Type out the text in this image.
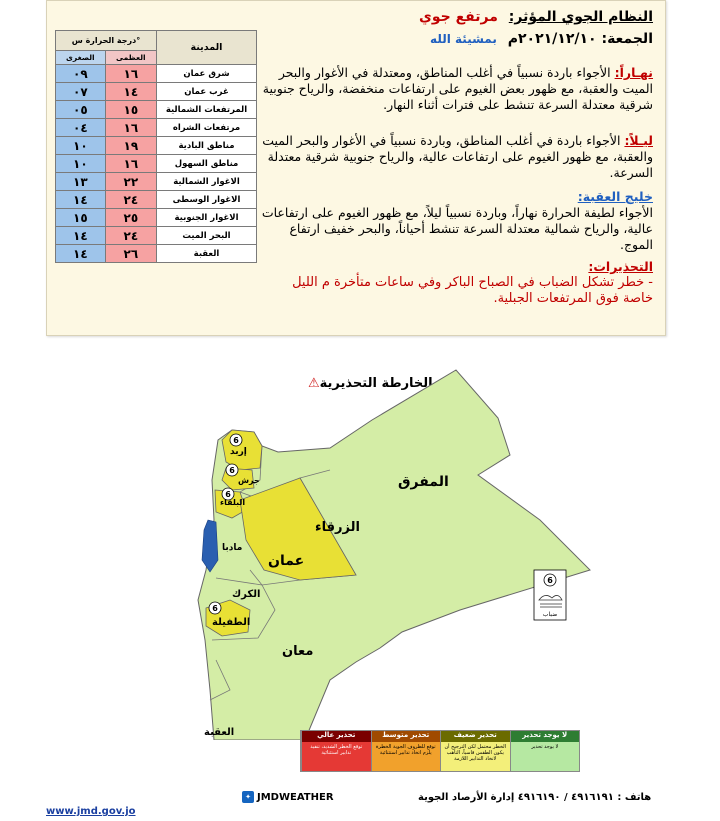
النظام الجوي المؤثر: مرتفع جوي
الجمعة: ٢٠٢١/١٢/١٠م بمشيئة الله
نهـاراً: الأجواء باردة نسبياً في أغلب المناطق، ومعتدلة في الأغوار والبحر الميت والعقبة، مع ظهور بعض الغيوم على ارتفاعات منخفضة، والرياح جنوبية شرقية معتدلة السرعة تنشط على فترات أثناء النهار.
ليـلاً: الأجواء باردة في أغلب المناطق، وباردة نسبياً في الأغوار والبحر الميت والعقبة، مع ظهور الغيوم على ارتفاعات عالية، والرياح جنوبية شرقية معتدلة السرعة.
خليج العقبة:
الأجواء لطيفة الحرارة نهاراً، وباردة نسبياً ليلاً، مع ظهور الغيوم على ارتفاعات عالية، والرياح شمالية معتدلة السرعة تنشط أحياناً، والبحر خفيف ارتفاع الموج.
التحذيرات:
- خطر تشكل الضباب في الصباح الباكر وفي ساعات متأخرة م الليل خاصة فوق المرتفعات الجبلية.
درجة الحرارة س°		المدينة
الصغرى	العظمى	
٠٩	١٦	شرق عمان
٠٧	١٤	غرب عمان
٠٥	١٥	المرتفعات الشمالية
٠٤	١٦	مرتفعات الشراه
١٠	١٩	مناطق البادية
١٠	١٦	مناطق السهول
١٣	٢٢	الاغوار الشمالية
١٤	٢٤	الاغوار الوسطى
١٥	٢٥	الاغوار الجنوبية
١٤	٢٤	البحر الميت
١٤	٢٦	العقبة
الخارطة التحذيرية⚠
6
6
6
6
6
ضباب
المفرق
الزرقاء
عمان
إربد
جرش
البلقاء
مادبا
الكرك
الطفيلة
معان
العقبة	لا يوجد تحذير
لا يوجد تحذير
تحذير ضعيف
الخطر محتمل لكن الترجيح أن يكون الطقس قاسياً، التأهب لاتخاذ التدابير اللازمة
تحذير متوسط
توقع للظروف الجوية الخطرة يلزم اتخاذ تدابير استثنائية
تحذير عالي
توقع الخطر الشديد، تنفيذ تدابير استثنائية
✦ JMDWEATHER	هاتف : ٤٩١٦١٩١ / ٤٩١٦١٩٠ إدارة الأرصاد الجوية
www.jmd.gov.jo
